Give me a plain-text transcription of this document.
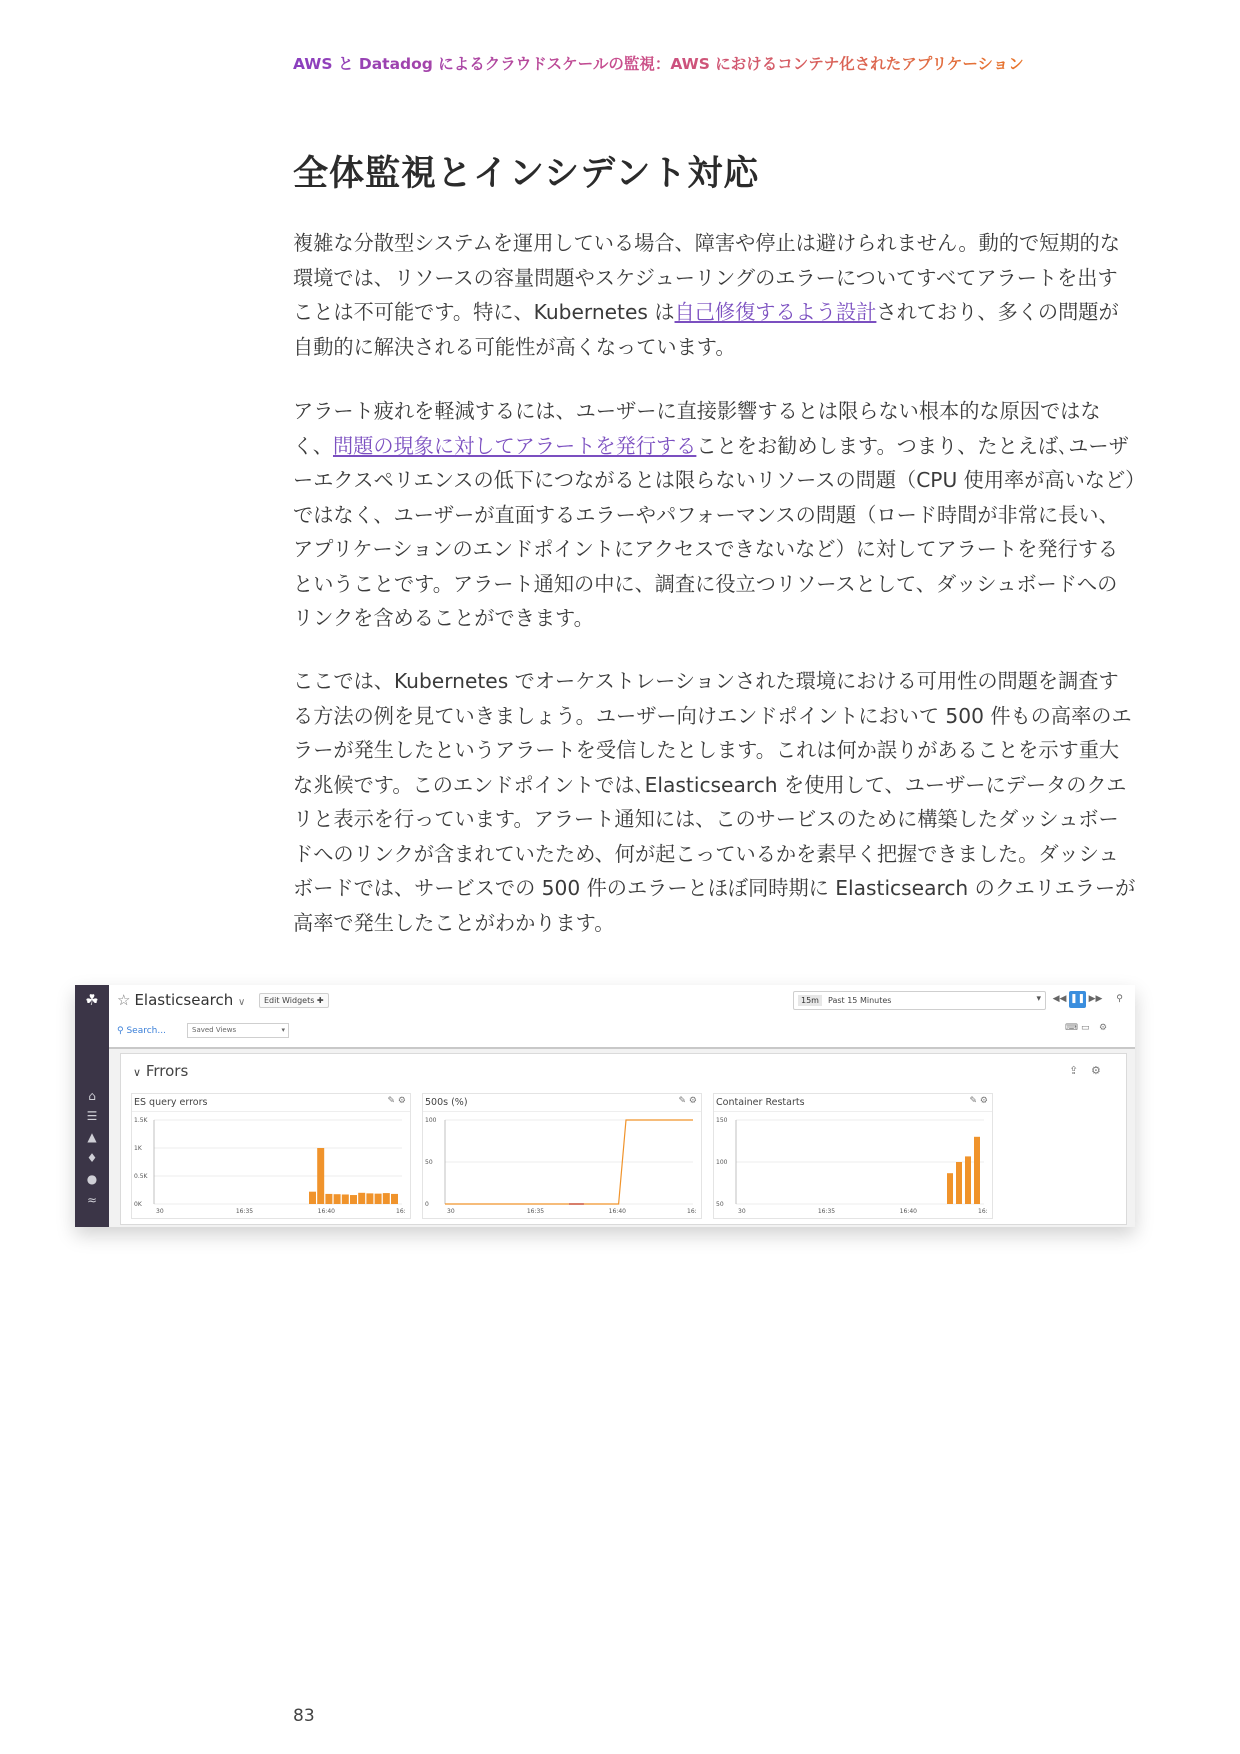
AWS と Datadog によるクラウドスケールの監視：AWS におけるコンテナ化されたアプリケーション
全体監視とインシデント対応

複雑な分散型システムを運用している場合、障害や停止は避けられません。動的で短期的な環境では、リソースの容量問題やスケジューリングのエラーについてすべてアラートを出すことは不可能です。特に、Kubernetes は自己修復するよう設計されており、多くの問題が自動的に解決される可能性が高くなっています。

アラート疲れを軽減するには、ユーザーに直接影響するとは限らない根本的な原因ではなく、問題の現象に対してアラートを発行することをお勧めします。つまり、たとえば､ユーザーエクスペリエンスの低下につながるとは限らないリソースの問題（CPU 使用率が高いなど）ではなく、ユーザーが直面するエラーやパフォーマンスの問題（ロード時間が非常に長い、アプリケーションのエンドポイントにアクセスできないなど）に対してアラートを発行するということです。アラート通知の中に、調査に役立つリソースとして、ダッシュボードへのリンクを含めることができます。

ここでは、Kubernetes でオーケストレーションされた環境における可用性の問題を調査する方法の例を見ていきましょう。ユーザー向けエンドポイントにおいて 500 件もの高率のエラーが発生したというアラートを受信したとします。これは何か誤りがあることを示す重大な兆候です。このエンドポイントでは､Elasticsearch を使用して、ユーザーにデータのクエリと表示を行っています。アラート通知には、このサービスのために構築したダッシュボードへのリンクが含まれていたため、何が起こっているかを素早く把握できました。ダッシュボードでは、サービスでの 500 件のエラーとほぼ同時期に Elasticsearch のクエリエラーが高率で発生したことがわかります。

☘
⌂
☰
▲
♦
●
≈
☆ Elasticsearch ∨	Edit Widgets ✚
⚲ Search...	Saved Views	▾
15m	Past 15 Minutes	▾ ◀◀ ❚❚ ▶▶	⚲
⌨ ▭ ⚙
∨ Frrors	⇪ ⚙
ES query errors	✎ ⚙
1.5K
1K
0.5K
0K
30	16:35	16:40	16:
500s (%)	✎ ⚙
100
50
0
30	16:35	16:40	16:
Container Restarts	✎ ⚙
150
100
50
30	16:35	16:40	16:
83
